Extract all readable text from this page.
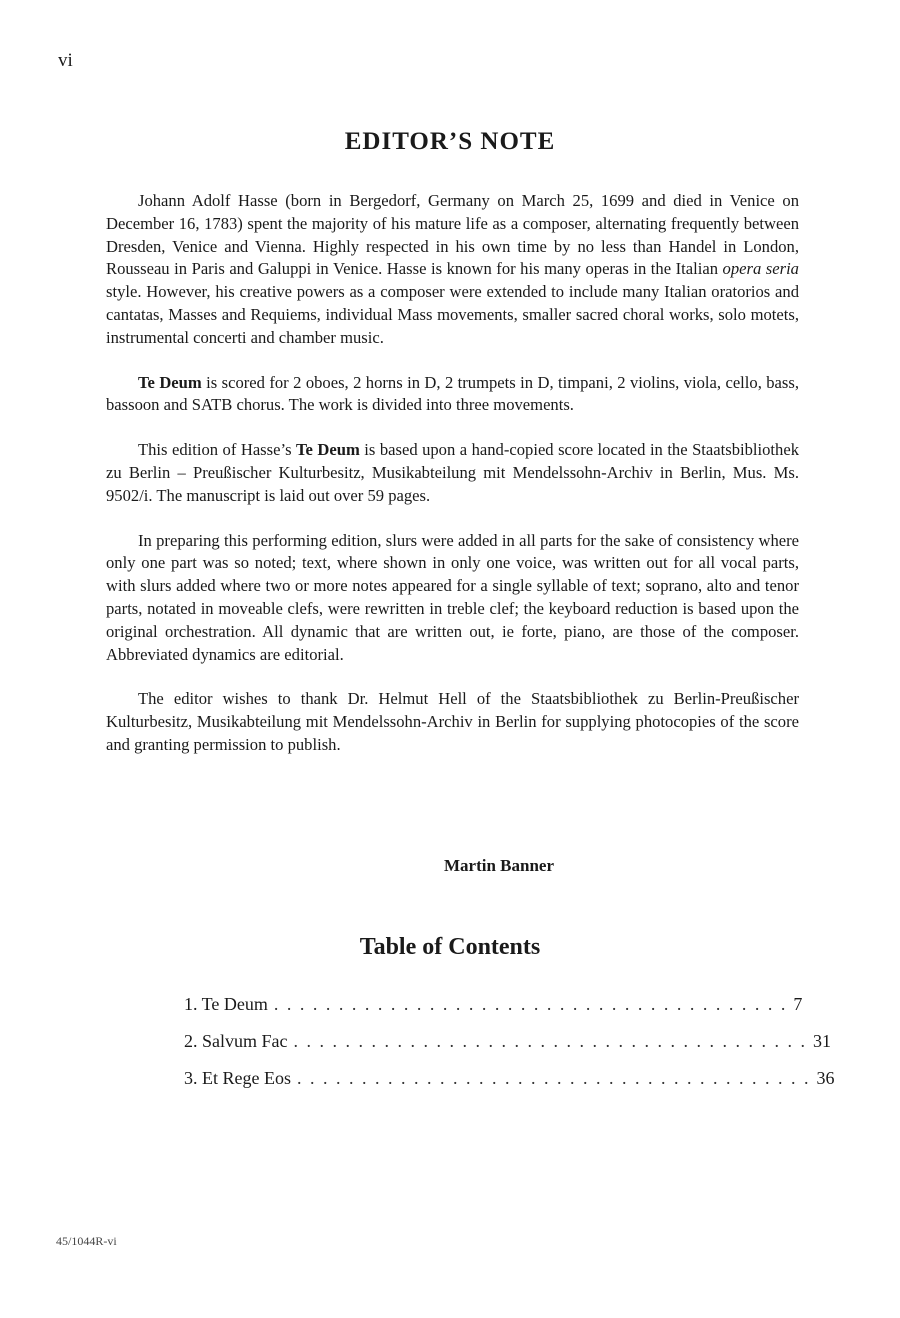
vi
EDITOR’S NOTE

Johann Adolf Hasse (born in Bergedorf, Germany on March 25, 1699 and died in Venice on December 16, 1783) spent the majority of his mature life as a composer, alternating frequently between Dresden, Venice and Vienna. Highly respected in his own time by no less than Handel in London, Rousseau in Paris and Galuppi in Venice. Hasse is known for his many operas in the Italian opera seria style. However, his creative powers as a composer were extended to include many Italian oratorios and cantatas, Masses and Requiems, individual Mass movements, smaller sacred choral works, solo motets, instrumental concerti and chamber music.

Te Deum is scored for 2 oboes, 2 horns in D, 2 trumpets in D, timpani, 2 violins, viola, cello, bass, bassoon and SATB chorus. The work is divided into three movements.

This edition of Hasse’s Te Deum is based upon a hand-copied score located in the Staatsbibliothek zu Berlin – Preußischer Kulturbesitz, Musikabteilung mit Mendelssohn-Archiv in Berlin, Mus. Ms. 9502/i. The manuscript is laid out over 59 pages.

In preparing this performing edition, slurs were added in all parts for the sake of consistency where only one part was so noted; text, where shown in only one voice, was written out for all vocal parts, with slurs added where two or more notes appeared for a single syllable of text; soprano, alto and tenor parts, notated in moveable clefs, were rewritten in treble clef; the keyboard reduction is based upon the original orchestration. All dynamic that are written out, ie forte, piano, are those of the composer. Abbreviated dynamics are editorial.

The editor wishes to thank Dr. Helmut Hell of the Staatsbibliothek zu Berlin-Preußischer Kulturbesitz, Musikabteilung mit Mendelssohn-Archiv in Berlin for supplying photocopies of the score and granting permission to publish.

Martin Banner
Table of Contents
1. Te Deum . . . . . . . . . . . . . . . . . . . . . . . . . . . . . . . . . . . . . . . . 7
2. Salvum Fac . . . . . . . . . . . . . . . . . . . . . . . . . . . . . . . . . . . . . . . . 31
3. Et Rege Eos . . . . . . . . . . . . . . . . . . . . . . . . . . . . . . . . . . . . . . . . 36
45/1044R-vi
